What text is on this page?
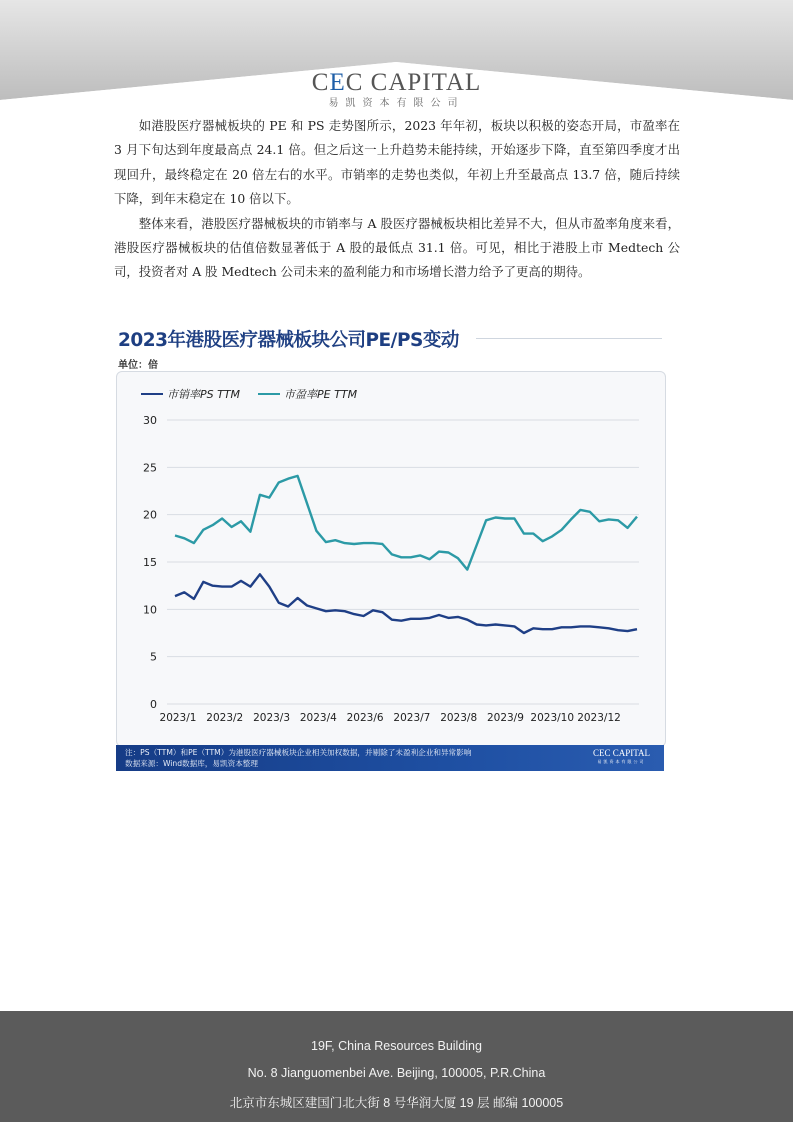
CEC CAPITAL
易凯资本有限公司

如港股医疗器械板块的 PE 和 PS 走势图所示，2023 年年初，板块以积极的姿态开局，市盈率在 3 月下旬达到年度最高点 24.1 倍。但之后这一上升趋势未能持续，开始逐步下降，直至第四季度才出现回升，最终稳定在 20 倍左右的水平。市销率的走势也类似，年初上升至最高点 13.7 倍，随后持续下降，到年末稳定在 10 倍以下。

整体来看，港股医疗器械板块的市销率与 A 股医疗器械板块相比差异不大，但从市盈率角度来看，港股医疗器械板块的估值倍数显著低于 A 股的最低点 31.1 倍。可见，相比于港股上市 Medtech 公司，投资者对 A 股 Medtech 公司未来的盈利能力和市场增长潜力给予了更高的期待。

2023年港股医疗器械板块公司PE/PS变动
单位：倍
市销率PS TTM	市盈率PE TTM
0
5
10
15
20
25
30
2023/1 2023/2 2023/3 2023/4 2023/6 2023/7 2023/8 2023/9 2023/10 2023/12
注：PS（TTM）和PE（TTM）为港股医疗器械板块企业相关加权数据，并剔除了未盈利企业和异常影响
数据来源：Wind数据库，易凯资本整理
CEC CAPITAL
易凯资本有限公司
19F, China Resources Building
No. 8 Jianguomenbei Ave. Beijing, 100005, P.R.China
北京市东城区建国门北大街 8 号华润大厦 19 层 邮编 100005
